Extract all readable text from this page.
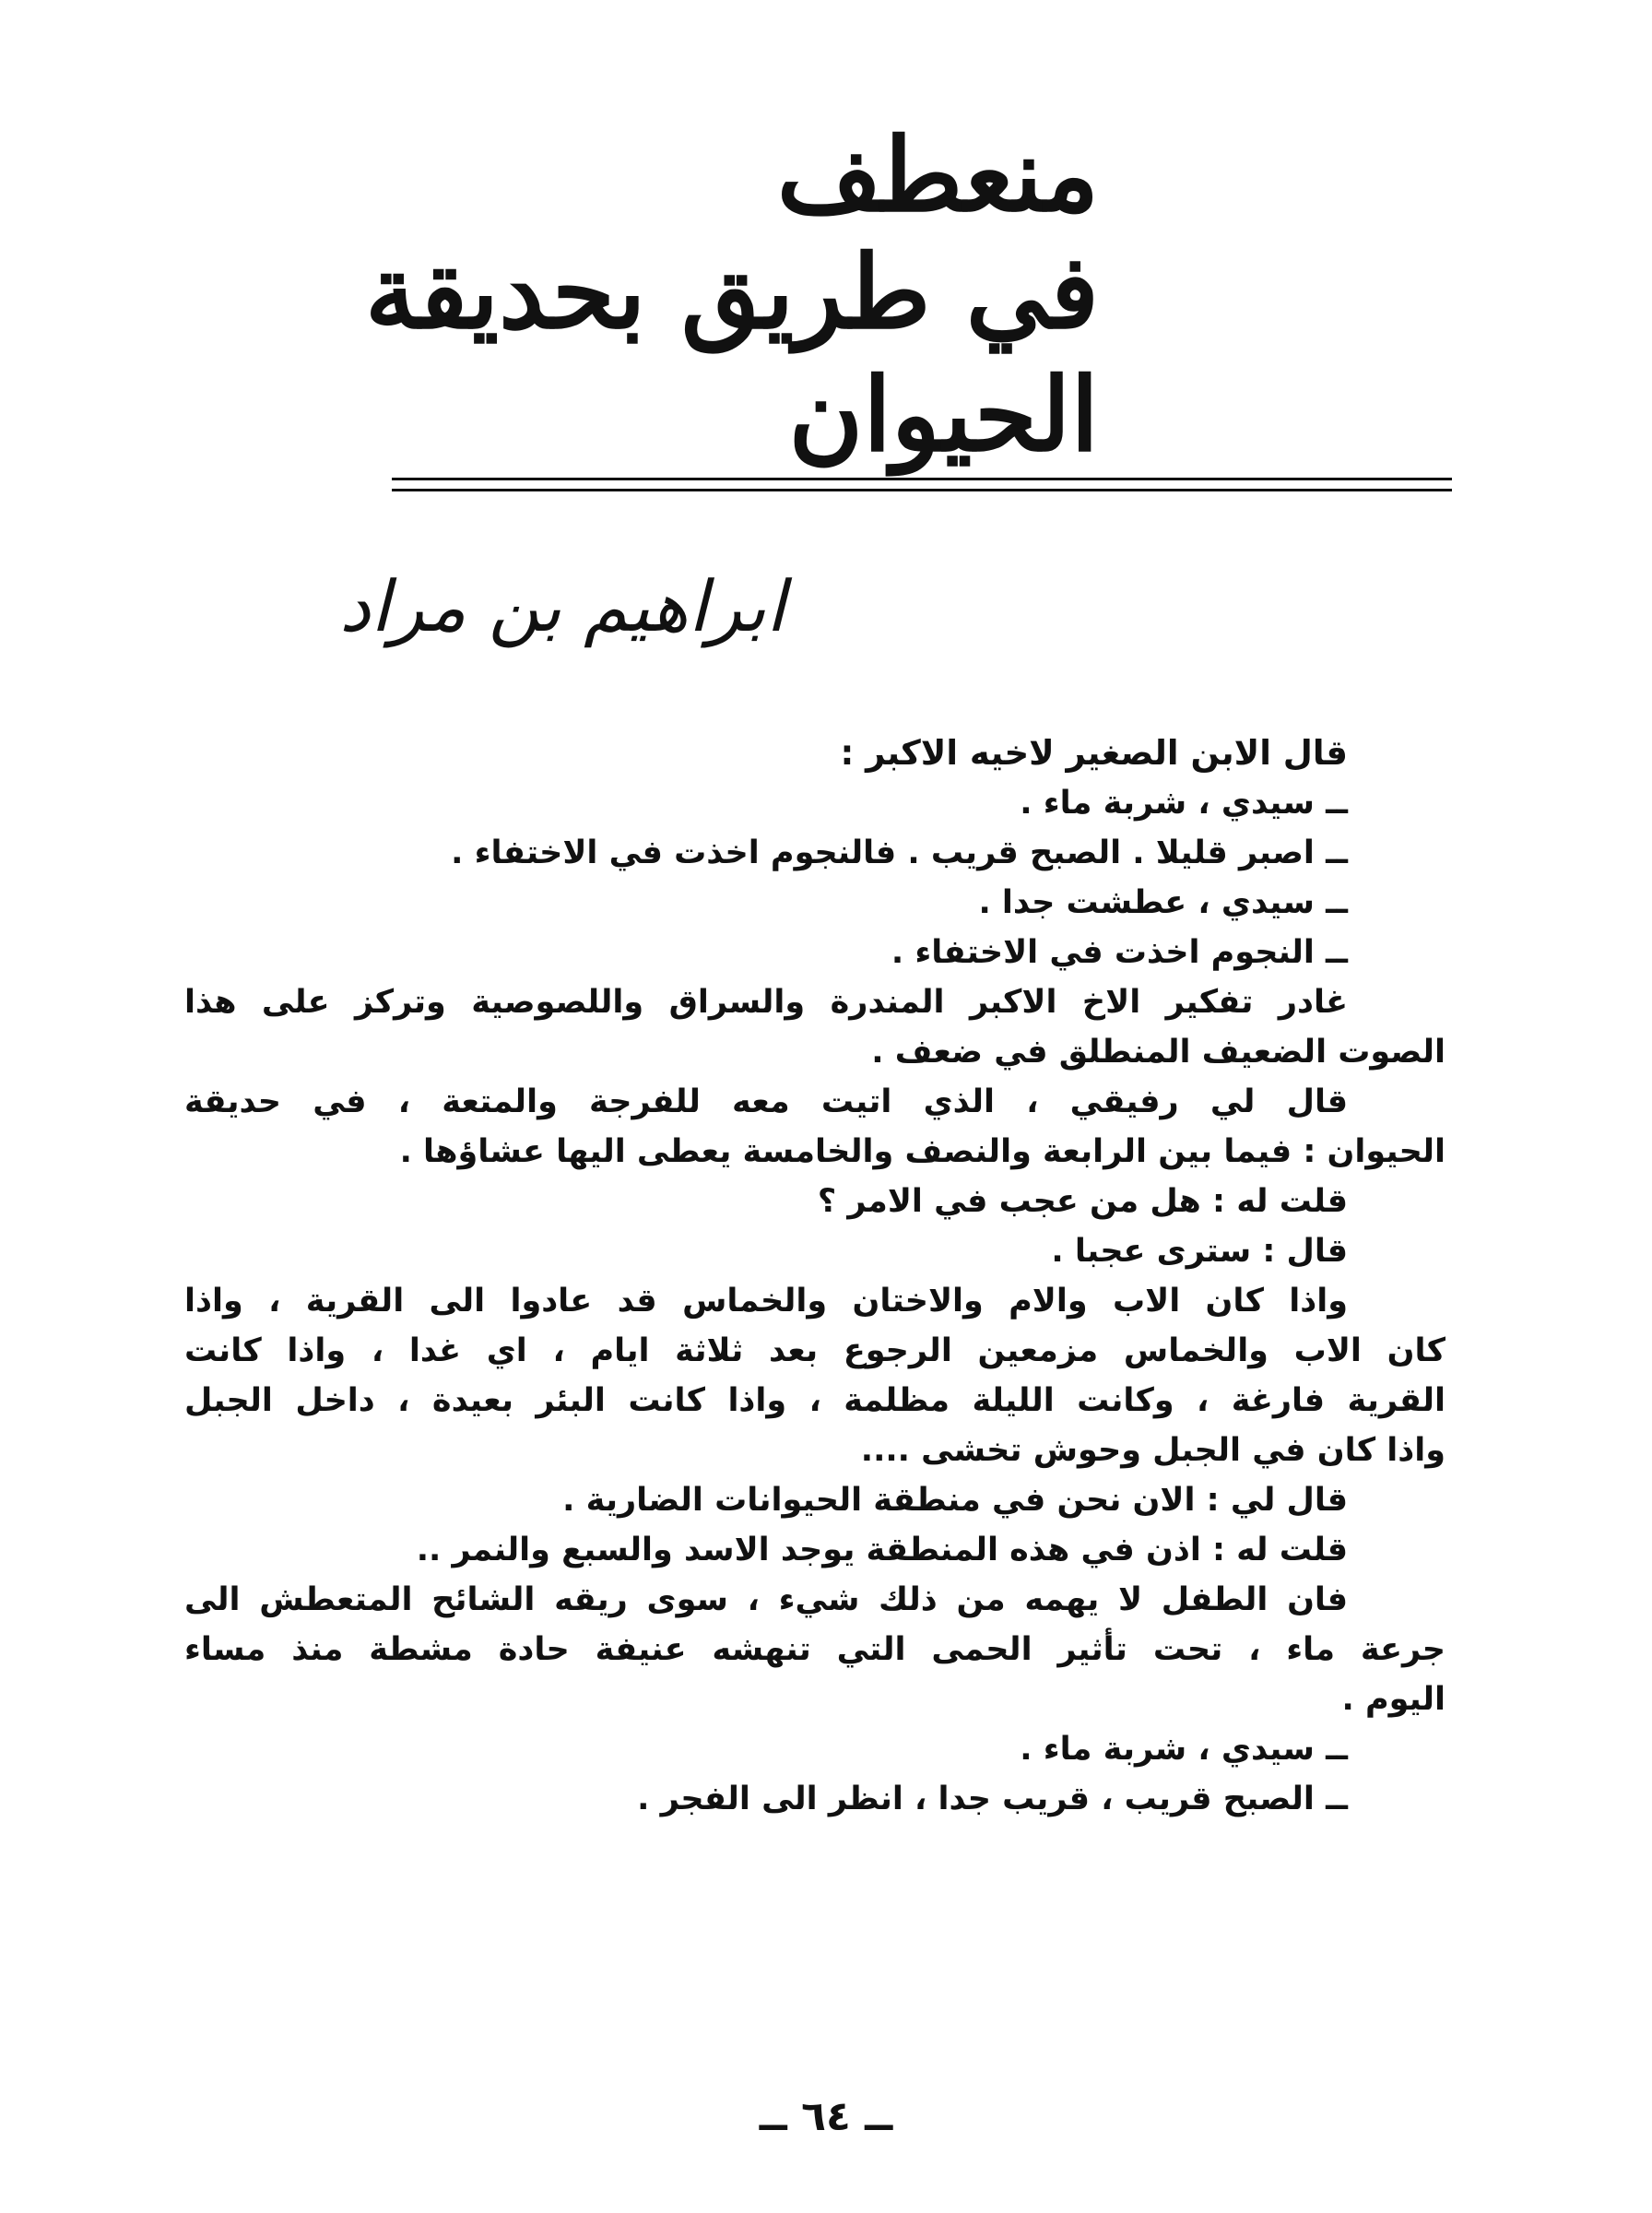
منعطف
في طريق بحديقة
الحيوان
ابراهيم بن مراد
قال الابن الصغير لاخيه الاكبر :
ــ سيدي ، شربة ماء .
ــ اصبر قليلا . الصبح قريب . فالنجوم اخذت في الاختفاء .
ــ سيدي ، عطشت جدا .
ــ النجوم اخذت في الاختفاء .
غادر تفكير الاخ الاكبر المندرة والسراق واللصوصية وتركز على هذا
الصوت الضعيف المنطلق في ضعف .
قال لي رفيقي ، الذي اتيت معه للفرجة والمتعة ، في حديقة
الحيوان : فيما بين الرابعة والنصف والخامسة يعطى اليها عشاؤها .
قلت له : هل من عجب في الامر ؟
قال : سترى عجبا .
واذا كان الاب والام والاختان والخماس قد عادوا الى القرية ، واذا
كان الاب والخماس مزمعين الرجوع بعد ثلاثة ايام ، اي غدا ، واذا كانت
القرية فارغة ، وكانت الليلة مظلمة ، واذا كانت البئر بعيدة ، داخل الجبل
واذا كان في الجبل وحوش تخشى ....
قال لي : الان نحن في منطقة الحيوانات الضارية .
قلت له : اذن في هذه المنطقة يوجد الاسد والسبع والنمر ..
فان الطفل لا يهمه من ذلك شيء ، سوى ريقه الشائح المتعطش الى
جرعة ماء ، تحت تأثير الحمى التي تنهشه عنيفة حادة مشطة منذ مساء
اليوم .
ــ سيدي ، شربة ماء .
ــ الصبح قريب ، قريب جدا ، انظر الى الفجر .
ــ ٦٤ ــ
